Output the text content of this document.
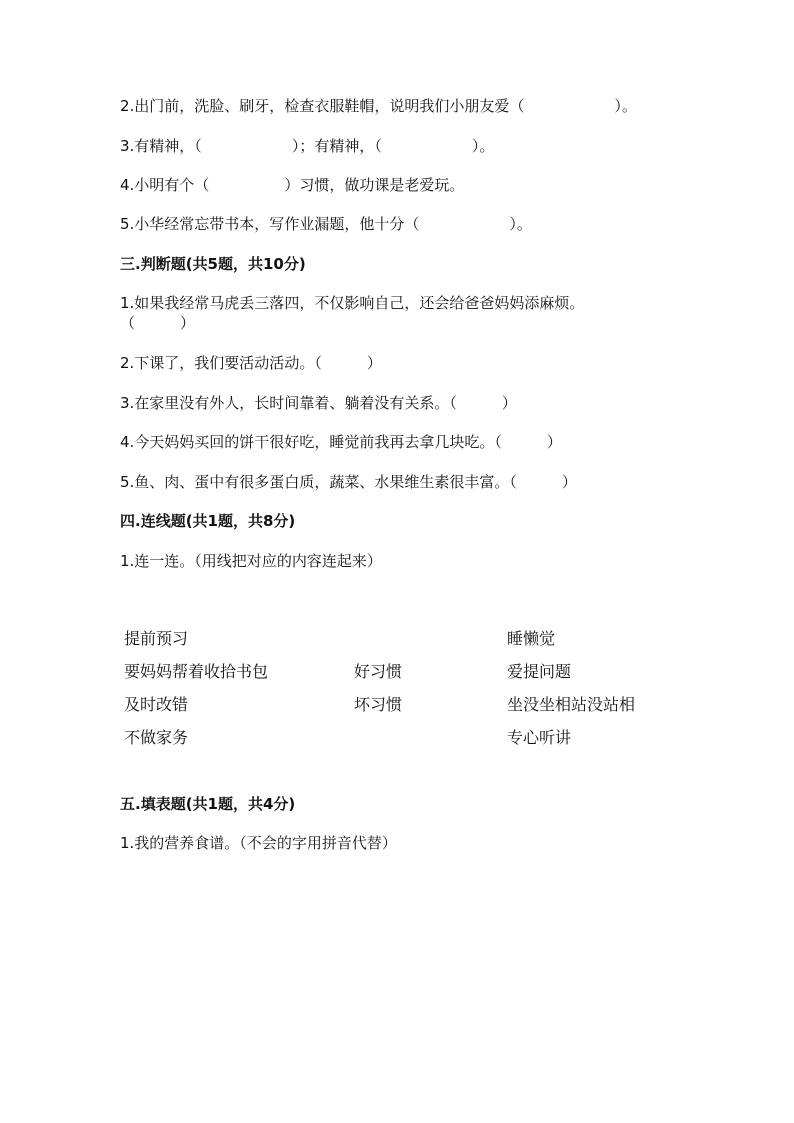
2.出门前，洗脸、刷牙，检查衣服鞋帽，说明我们小朋友爱（　　　　　　）。
3.有精神，（　　　　　　）；有精神，（　　　　　　）。
4.小明有个（　　　　　）习惯，做功课是老爱玩。
5.小华经常忘带书本，写作业漏题，他十分（　　　　　　）。
三.判断题(共5题，共10分)
1.如果我经常马虎丢三落四，不仅影响自己，还会给爸爸妈妈添麻烦。
（　　　）
2.下课了，我们要活动活动。（　　　）
3.在家里没有外人，长时间靠着、躺着没有关系。（　　　）
4.今天妈妈买回的饼干很好吃，睡觉前我再去拿几块吃。（　　　）
5.鱼、肉、蛋中有很多蛋白质，蔬菜、水果维生素很丰富。（　　　）
四.连线题(共1题，共8分)
1.连一连。（用线把对应的内容连起来）
提前预习
要妈妈帮着收拾书包
及时改错
不做家务
好习惯
坏习惯
睡懒觉
爱提问题
坐没坐相站没站相
专心听讲
五.填表题(共1题，共4分)
1.我的营养食谱。（不会的字用拼音代替）
